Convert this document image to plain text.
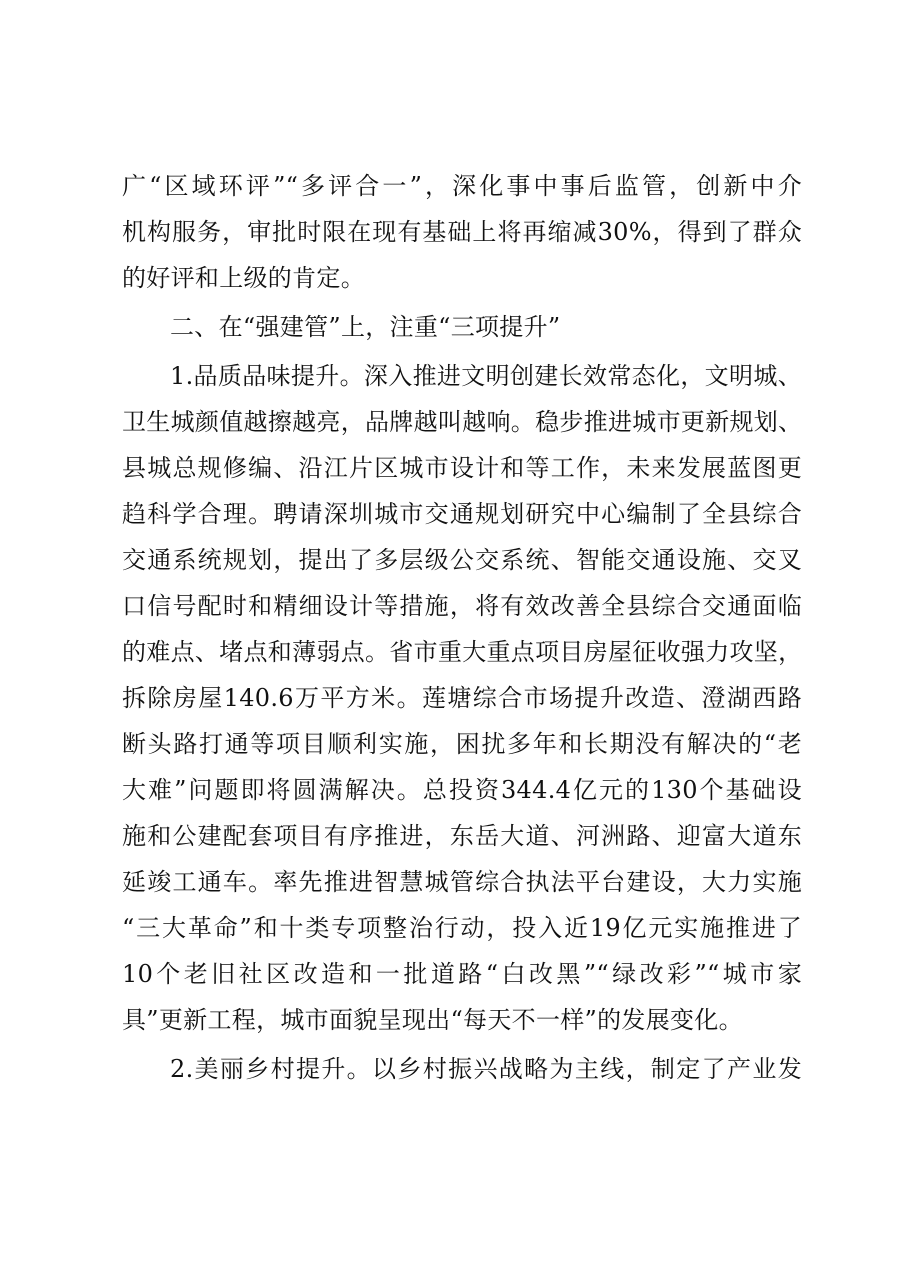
广“区域环评”“多评合一”，深化事中事后监管，创新中介
机构服务，审批时限在现有基础上将再缩减30%，得到了群众
的好评和上级的肯定。
二、在“强建管”上，注重“三项提升”
1.品质品味提升。深入推进文明创建长效常态化，文明城、
卫生城颜值越擦越亮，品牌越叫越响。稳步推进城市更新规划、
县城总规修编、沿江片区城市设计和等工作，未来发展蓝图更
趋科学合理。聘请深圳城市交通规划研究中心编制了全县综合
交通系统规划，提出了多层级公交系统、智能交通设施、交叉
口信号配时和精细设计等措施，将有效改善全县综合交通面临
的难点、堵点和薄弱点。省市重大重点项目房屋征收强力攻坚，
拆除房屋140.6万平方米。莲塘综合市场提升改造、澄湖西路
断头路打通等项目顺利实施，困扰多年和长期没有解决的“老
大难”问题即将圆满解决。总投资344.4亿元的130个基础设
施和公建配套项目有序推进，东岳大道、河洲路、迎富大道东
延竣工通车。率先推进智慧城管综合执法平台建设，大力实施
“三大革命”和十类专项整治行动，投入近19亿元实施推进了
10个老旧社区改造和一批道路“白改黑”“绿改彩”“城市家
具”更新工程，城市面貌呈现出“每天不一样”的发展变化。
2.美丽乡村提升。以乡村振兴战略为主线，制定了产业发
